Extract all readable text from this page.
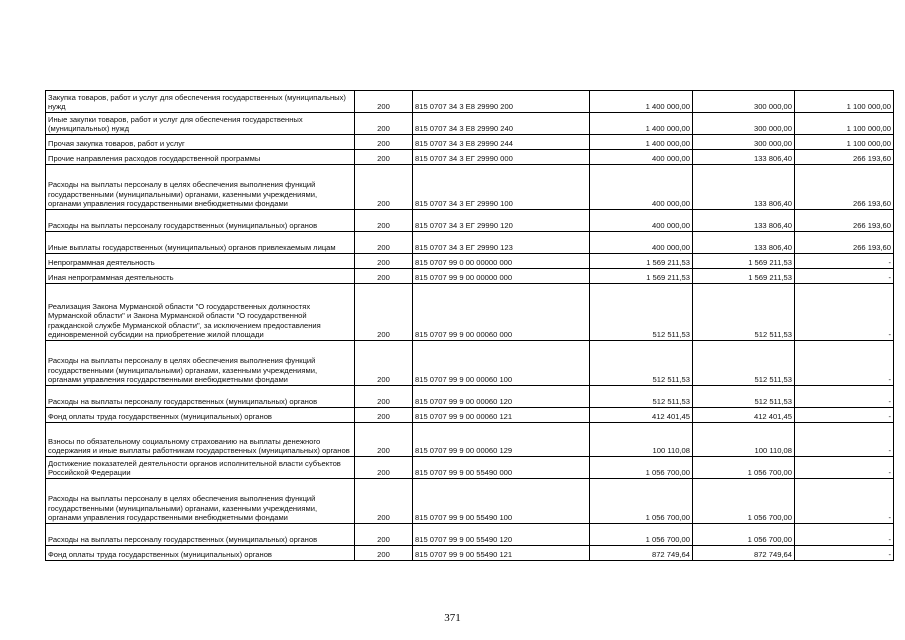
Закупка товаров, работ и услуг для обеспечения государственных (муниципальных) нужд	200	815 0707 34 3 E8 29990 200	1 400 000,00	300 000,00	1 100 000,00
Иные закупки товаров, работ и услуг для обеспечения государственных (муниципальных) нужд	200	815 0707 34 3 E8 29990 240	1 400 000,00	300 000,00	1 100 000,00
Прочая закупка товаров, работ и услуг	200	815 0707 34 3 E8 29990 244	1 400 000,00	300 000,00	1 100 000,00
Прочие направления расходов государственной программы	200	815 0707 34 3 ЕГ 29990 000	400 000,00	133 806,40	266 193,60
Расходы на выплаты персоналу в целях обеспечения выполнения функций государственными (муниципальными) органами, казенными учреждениями, органами управления государственными внебюджетными фондами	200	815 0707 34 3 ЕГ 29990 100	400 000,00	133 806,40	266 193,60
Расходы на выплаты персоналу государственных (муниципальных) органов	200	815 0707 34 3 ЕГ 29990 120	400 000,00	133 806,40	266 193,60
Иные выплаты государственных (муниципальных) органов привлекаемым лицам	200	815 0707 34 3 ЕГ 29990 123	400 000,00	133 806,40	266 193,60
Непрограммная деятельность	200	815 0707 99 0 00 00000 000	1 569 211,53	1 569 211,53	-
Иная непрограммная деятельность	200	815 0707 99 9 00 00000 000	1 569 211,53	1 569 211,53	-
Реализация Закона Мурманской области "О государственных должностях Мурманской области" и Закона Мурманской области "О государственной гражданской службе Мурманской области", за исключением предоставления единовременной субсидии на приобретение жилой площади	200	815 0707 99 9 00 00060 000	512 511,53	512 511,53	-
Расходы на выплаты персоналу в целях обеспечения выполнения функций государственными (муниципальными) органами, казенными учреждениями, органами управления государственными внебюджетными фондами	200	815 0707 99 9 00 00060 100	512 511,53	512 511,53	-
Расходы на выплаты персоналу государственных (муниципальных) органов	200	815 0707 99 9 00 00060 120	512 511,53	512 511,53	-
Фонд оплаты труда государственных (муниципальных) органов	200	815 0707 99 9 00 00060 121	412 401,45	412 401,45	-
Взносы по обязательному социальному страхованию на выплаты денежного содержания и иные выплаты работникам государственных (муниципальных) органов	200	815 0707 99 9 00 00060 129	100 110,08	100 110,08	-
Достижение показателей деятельности органов исполнительной власти субъектов Российской Федерации	200	815 0707 99 9 00 55490 000	1 056 700,00	1 056 700,00	-
Расходы на выплаты персоналу в целях обеспечения выполнения функций государственными (муниципальными) органами, казенными учреждениями, органами управления государственными внебюджетными фондами	200	815 0707 99 9 00 55490 100	1 056 700,00	1 056 700,00	-
Расходы на выплаты персоналу государственных (муниципальных) органов	200	815 0707 99 9 00 55490 120	1 056 700,00	1 056 700,00	-
Фонд оплаты труда государственных (муниципальных) органов	200	815 0707 99 9 00 55490 121	872 749,64	872 749,64	-
371
